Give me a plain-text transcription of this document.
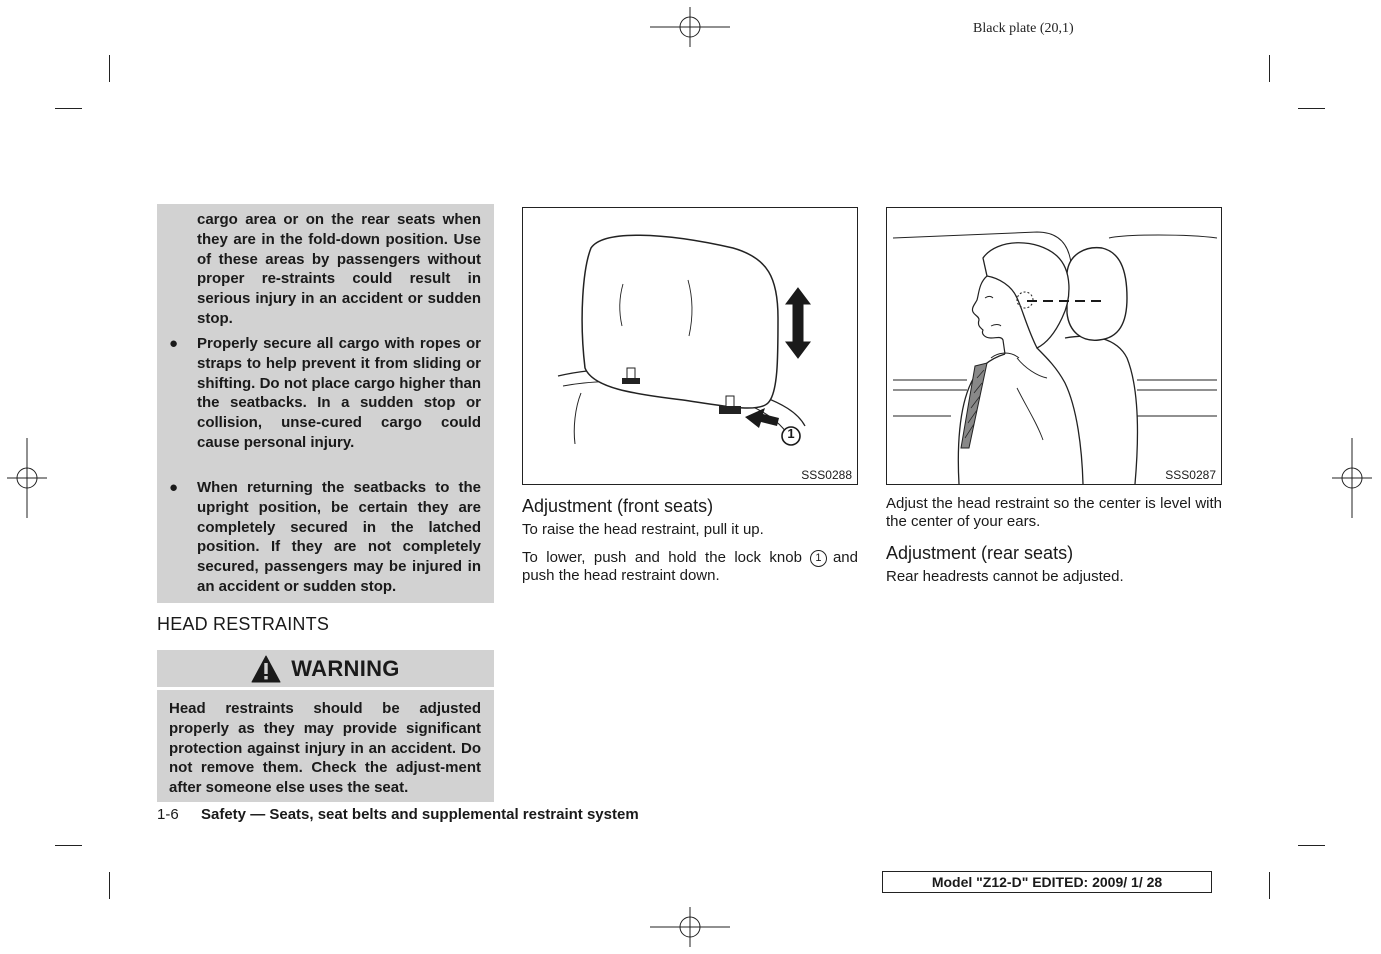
Black plate (20,1)
cargo area or on the rear seats when they are in the fold-down position. Use of these areas by passengers without proper re-straints could result in serious injury in an accident or sudden stop.
● Properly secure all cargo with ropes or straps to help prevent it from sliding or shifting. Do not place cargo higher than the seatbacks. In a sudden stop or collision, unse-cured cargo could cause personal injury.
● When returning the seatbacks to the upright position, be certain they are completely secured in the latched position. If they are not completely secured, passengers may be injured in an accident or sudden stop.
HEAD RESTRAINTS
WARNING
Head restraints should be adjusted properly as they may provide significant protection against injury in an accident. Do not remove them. Check the adjust-ment after someone else uses the seat.
1-6 Safety — Seats, seat belts and supplemental restraint system
1
SSS0288
Adjustment (front seats)
To raise the head restraint, pull it up.
To lower, push and hold the lock knob 1 and push the head restraint down.
SSS0287
Adjust the head restraint so the center is level with the center of your ears.
Adjustment (rear seats)
Rear headrests cannot be adjusted.
Model "Z12-D" EDITED: 2009/ 1/ 28
